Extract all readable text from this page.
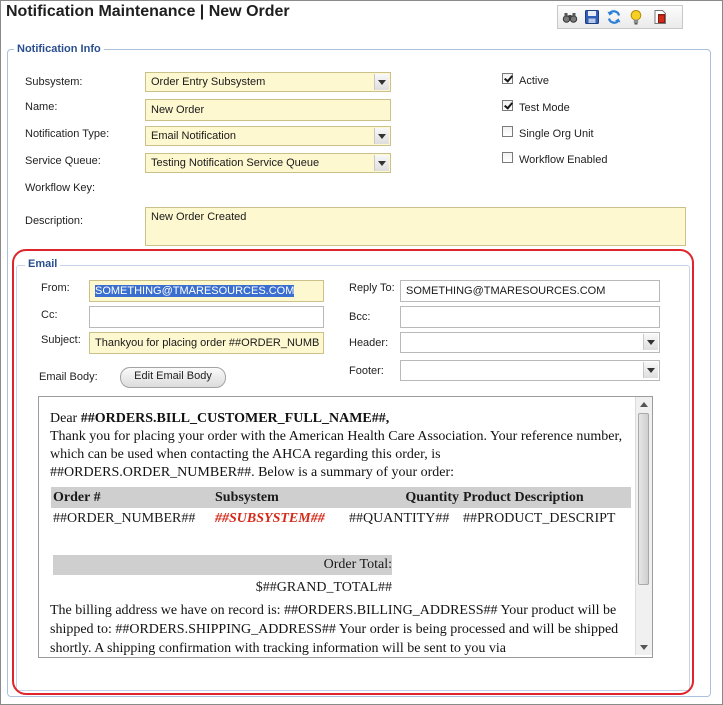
Notification Maintenance | New Order
Notification Info
Subsystem:	Order Entry Subsystem
Name:	New Order
Notification Type:	Email Notification
Service Queue:	Testing Notification Service Queue
Workflow Key:
Description:	New Order Created
Active
Test Mode
Single Org Unit
Workflow Enabled
Email
From:	SOMETHING@TMARESOURCES.COM
Cc:
Subject:	Thankyou for placing order ##ORDER_NUMB
Reply To:	SOMETHING@TMARESOURCES.COM
Bcc:
Header:
Footer:
Email Body:	Edit Email Body
Dear ##ORDERS.BILL_CUSTOMER_FULL_NAME##,
Thank you for placing your order with the American Health Care Association. Your reference number, which can be used when contacting the AHCA regarding this order, is ##ORDERS.ORDER_NUMBER##. Below is a summary of your order:
Order #	Subsystem	Quantity	Product Description
##ORDER_NUMBER##	##SUBSYSTEM##	##QUANTITY##	##PRODUCT_DESCRIPT
Order Total:
$##GRAND_TOTAL##
The billing address we have on record is: ##ORDERS.BILLING_ADDRESS## Your product will be shipped to: ##ORDERS.SHIPPING_ADDRESS## Your order is being processed and will be shipped shortly. A shipping confirmation with tracking information will be sent to you via
